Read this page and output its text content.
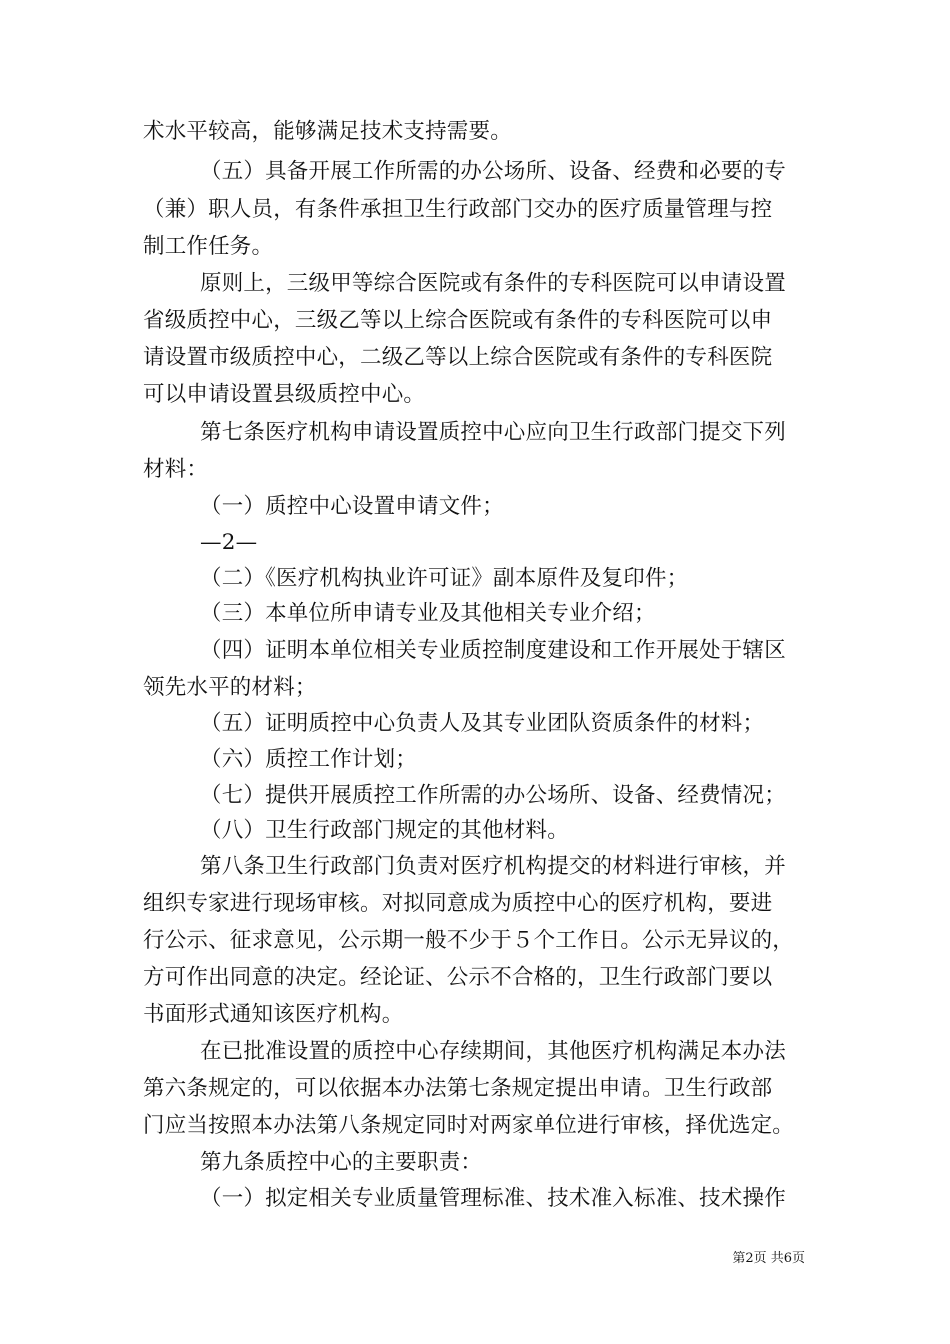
术水平较高，能够满足技术支持需要。
（五）具备开展工作所需的办公场所、设备、经费和必要的专
（兼）职人员，有条件承担卫生行政部门交办的医疗质量管理与控
制工作任务。
原则上，三级甲等综合医院或有条件的专科医院可以申请设置
省级质控中心，三级乙等以上综合医院或有条件的专科医院可以申
请设置市级质控中心，二级乙等以上综合医院或有条件的专科医院
可以申请设置县级质控中心。
第七条医疗机构申请设置质控中心应向卫生行政部门提交下列
材料：
（一）质控中心设置申请文件；
—2—
（二）《医疗机构执业许可证》副本原件及复印件；
（三）本单位所申请专业及其他相关专业介绍；
（四）证明本单位相关专业质控制度建设和工作开展处于辖区
领先水平的材料；
（五）证明质控中心负责人及其专业团队资质条件的材料；
（六）质控工作计划；
（七）提供开展质控工作所需的办公场所、设备、经费情况；
（八）卫生行政部门规定的其他材料。
第八条卫生行政部门负责对医疗机构提交的材料进行审核，并
组织专家进行现场审核。对拟同意成为质控中心的医疗机构，要进
行公示、征求意见，公示期一般不少于５个工作日。公示无异议的，
方可作出同意的决定。经论证、公示不合格的，卫生行政部门要以
书面形式通知该医疗机构。
在已批准设置的质控中心存续期间，其他医疗机构满足本办法
第六条规定的，可以依据本办法第七条规定提出申请。卫生行政部
门应当按照本办法第八条规定同时对两家单位进行审核，择优选定。
第九条质控中心的主要职责：
（一）拟定相关专业质量管理标准、技术准入标准、技术操作
第2页 共6页
